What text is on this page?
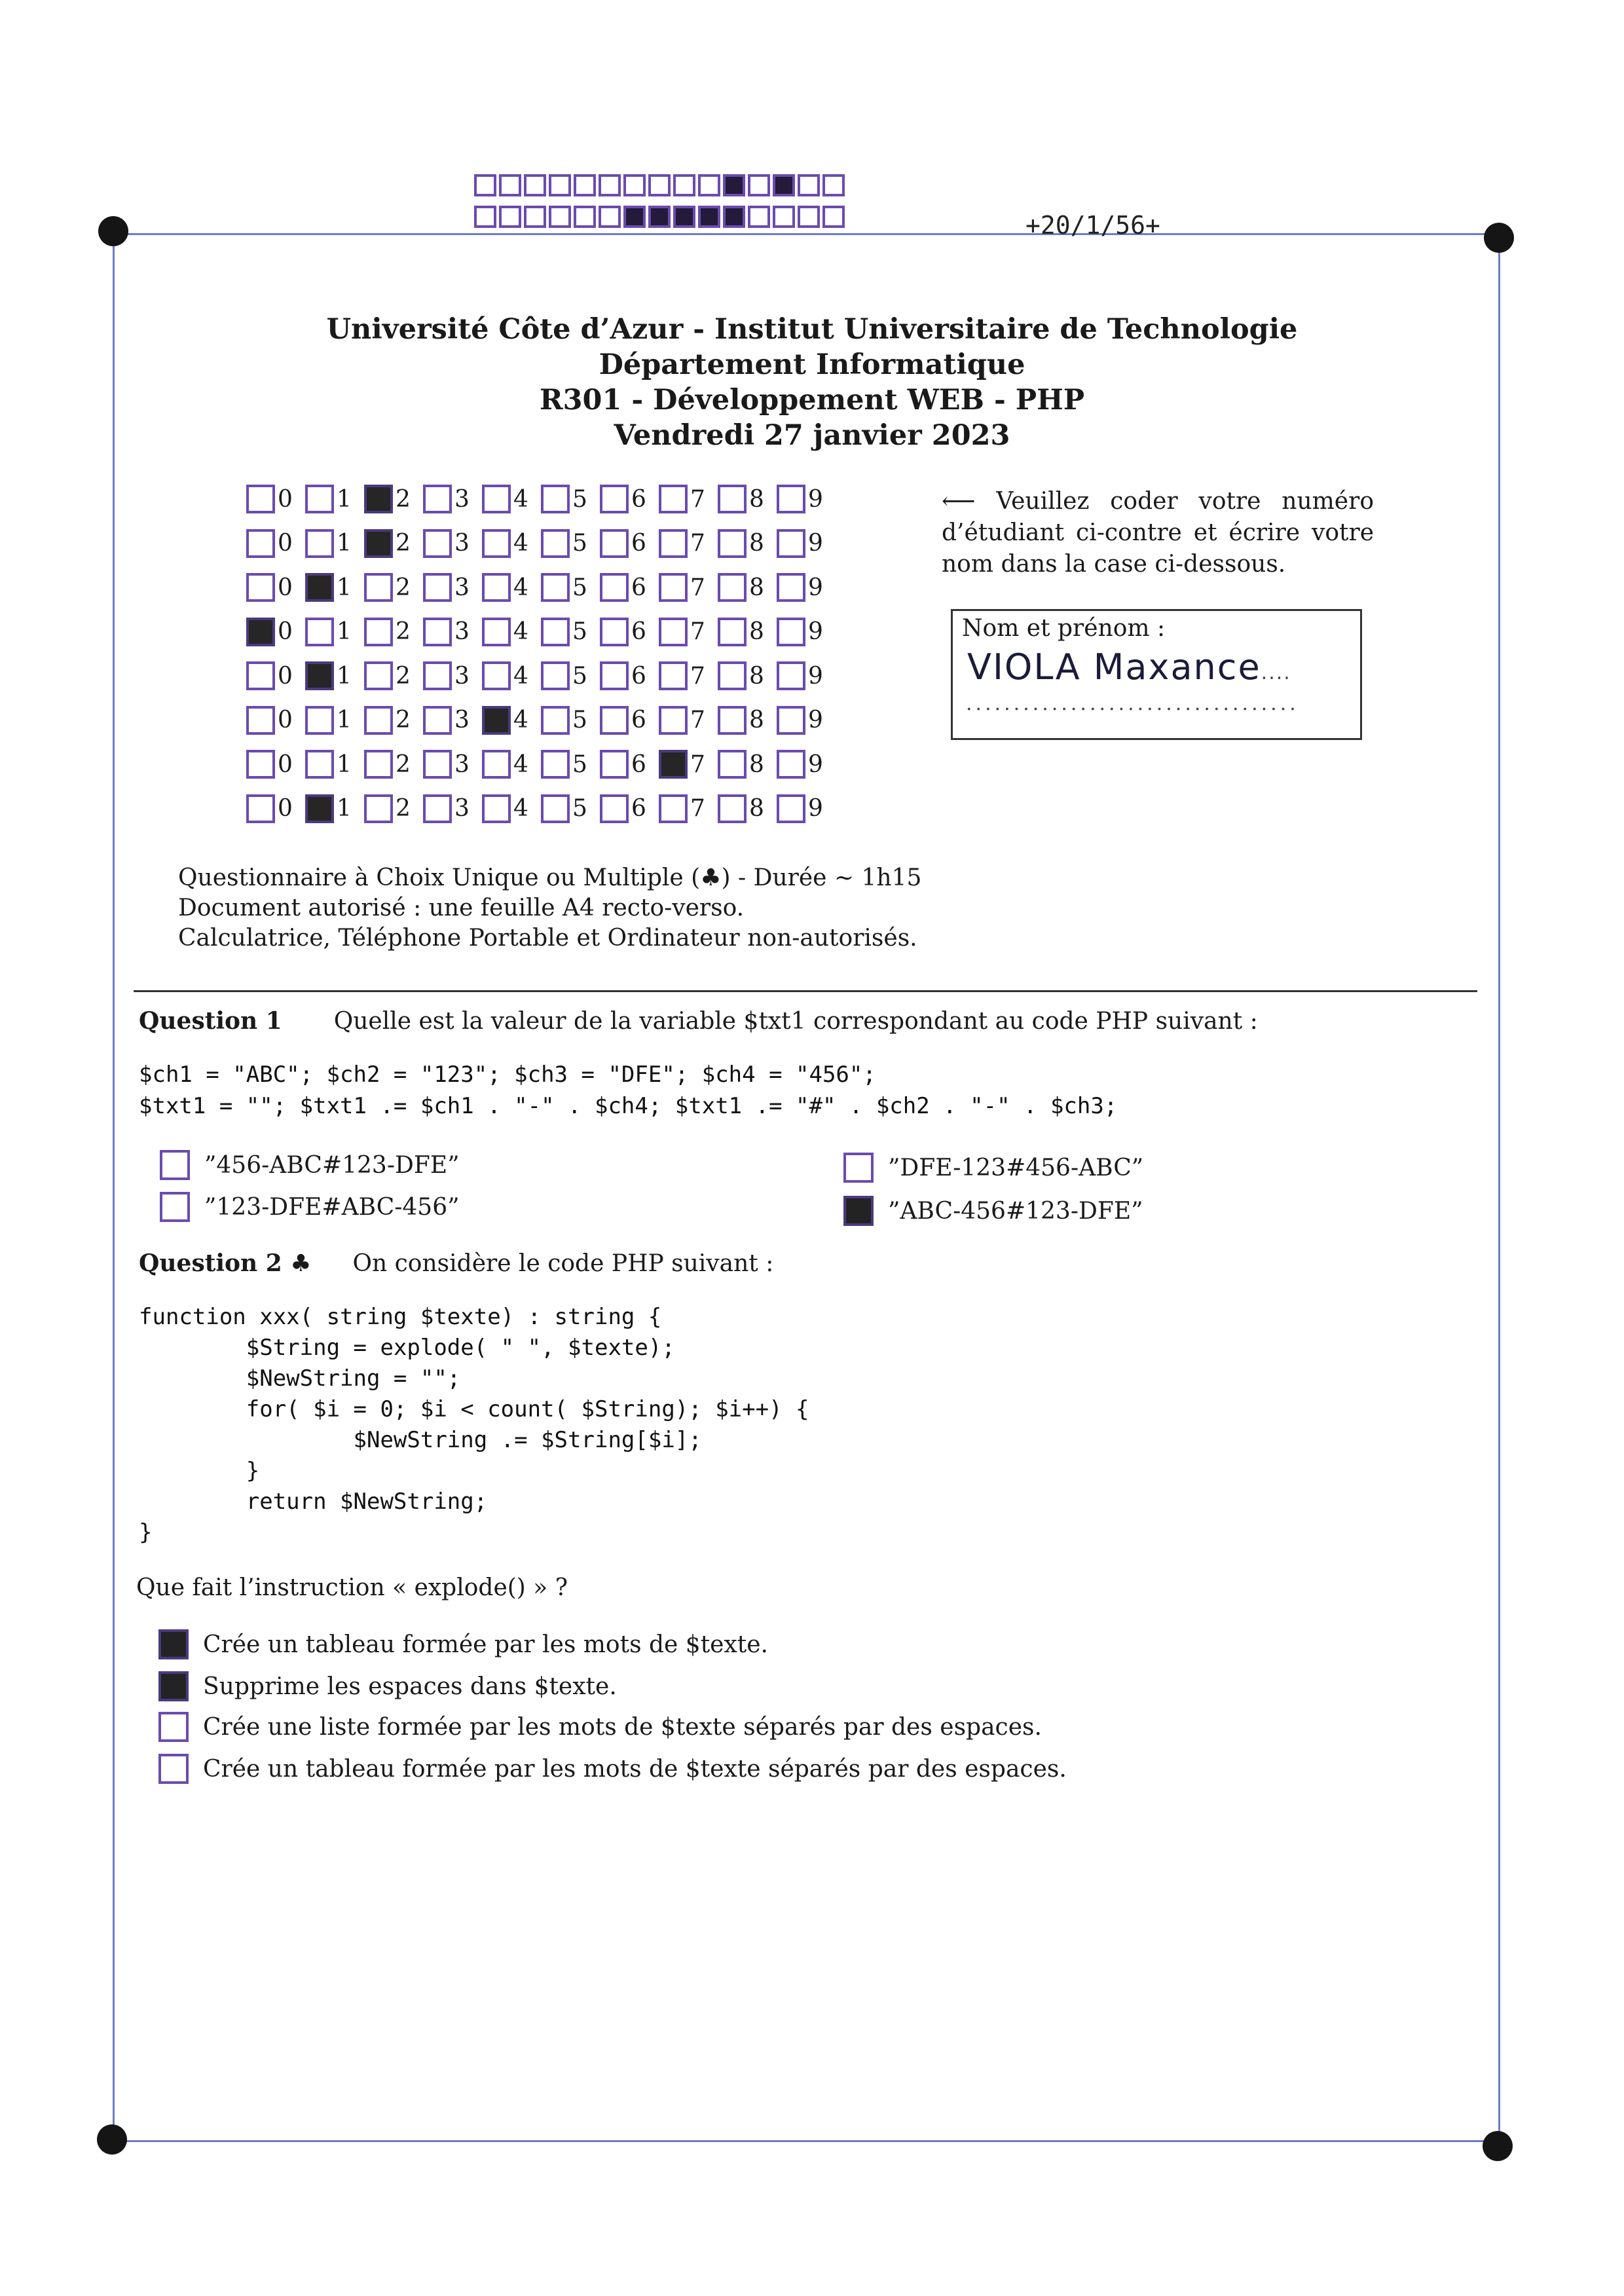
+20/1/56+
Université Côte d’Azur - Institut Universitaire de Technologie
Département Informatique
R301 - Développement WEB - PHP
Vendredi 27 janvier 2023
0 1 2 3 4 5 6 7 8 9
0 1 2 3 4 5 6 7 8 9
0 1 2 3 4 5 6 7 8 9
0 1 2 3 4 5 6 7 8 9
0 1 2 3 4 5 6 7 8 9
0 1 2 3 4 5 6 7 8 9
0 1 2 3 4 5 6 7 8 9
0 1 2 3 4 5 6 7 8 9
⟵ Veuillez coder votre numéro d’étudiant ci-contre et écrire votre nom dans la case ci-dessous.
Nom et prénom :
VIOLA Maxance....
...................................
Questionnaire à Choix Unique ou Multiple (♣) - Durée ∼ 1h15
Document autorisé : une feuille A4 recto-verso.
Calculatrice, Téléphone Portable et Ordinateur non-autorisés.
Question 1 Quelle est la valeur de la variable $txt1 correspondant au code PHP suivant :
$ch1 = "ABC"; $ch2 = "123"; $ch3 = "DFE"; $ch4 = "456";
$txt1 = ""; $txt1 .= $ch1 . "-" . $ch4; $txt1 .= "#" . $ch2 . "-" . $ch3;
”456-ABC#123-DFE”
”123-DFE#ABC-456”
”DFE-123#456-ABC”
”ABC-456#123-DFE”
Question 2 ♣ On considère le code PHP suivant :
function xxx( string $texte) : string {
$String = explode( " ", $texte);
$NewString = "";
for( $i = 0; $i < count( $String); $i++) {
$NewString .= $String[$i];
}
return $NewString;
}
Que fait l’instruction « explode() » ?
Crée un tableau formée par les mots de $texte.
Supprime les espaces dans $texte.
Crée une liste formée par les mots de $texte séparés par des espaces.
Crée un tableau formée par les mots de $texte séparés par des espaces.
